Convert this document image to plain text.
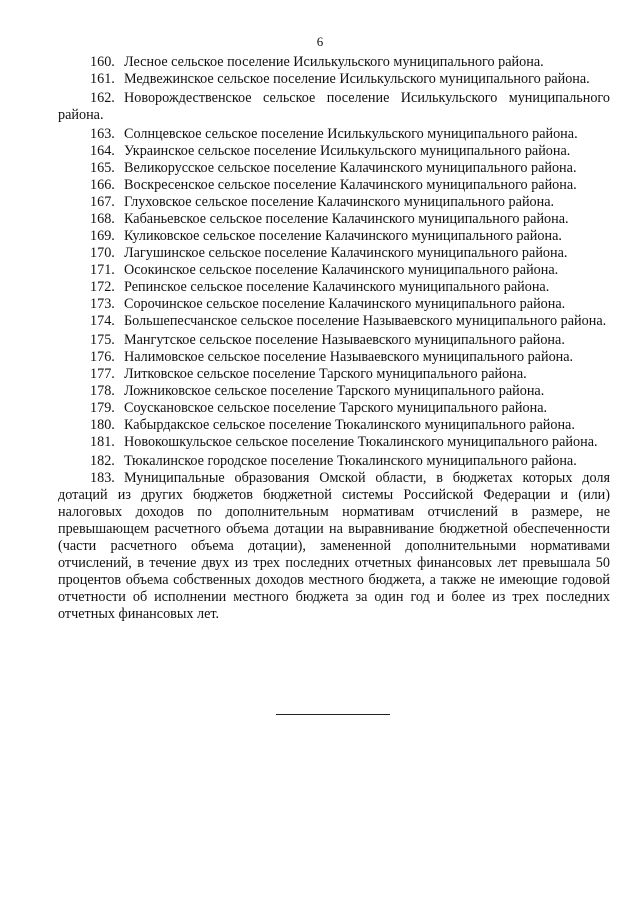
6

160. Лесное сельское поселение Исилькульского муниципального района.

161. Медвежинское сельское поселение Исилькульского муниципального района.

162. Новорождественское сельское поселение Исилькульского муниципального района.

163. Солнцевское сельское поселение Исилькульского муниципального района.

164. Украинское сельское поселение Исилькульского муниципального района.

165. Великорусское сельское поселение Калачинского муниципального района.

166. Воскресенское сельское поселение Калачинского муниципального района.

167. Глуховское сельское поселение Калачинского муниципального района.

168. Кабаньевское сельское поселение Калачинского муниципального района.

169. Куликовское сельское поселение Калачинского муниципального района.

170. Лагушинское сельское поселение Калачинского муниципального района.

171. Осокинское сельское поселение Калачинского муниципального района.

172. Репинское сельское поселение Калачинского муниципального района.

173. Сорочинское сельское поселение Калачинского муниципального района.

174. Большепесчанское сельское поселение Называевского муниципального района.

175. Мангутское сельское поселение Называевского муниципального района.

176. Налимовское сельское поселение Называевского муниципального района.

177. Литковское сельское поселение Тарского муниципального района.

178. Ложниковское сельское поселение Тарского муниципального района.

179. Соускановское сельское поселение Тарского муниципального района.

180. Кабырдакское сельское поселение Тюкалинского муниципального района.

181. Новокошкульское сельское поселение Тюкалинского муниципального района.

182. Тюкалинское городское поселение Тюкалинского муниципального района.

183. Муниципальные образования Омской области, в бюджетах которых доля дотаций из других бюджетов бюджетной системы Российской Федерации и (или) налоговых доходов по дополнительным нормативам отчислений в размере, не превышающем расчетного объема дотации на выравнивание бюджетной обеспеченности (части расчетного объема дотации), замененной дополнительными нормативами отчислений, в течение двух из трех последних отчетных финансовых лет превышала 50 процентов объема собственных доходов местного бюджета, а также не имеющие годовой отчетности об исполнении местного бюджета за один год и более из трех последних отчетных финансовых лет.
